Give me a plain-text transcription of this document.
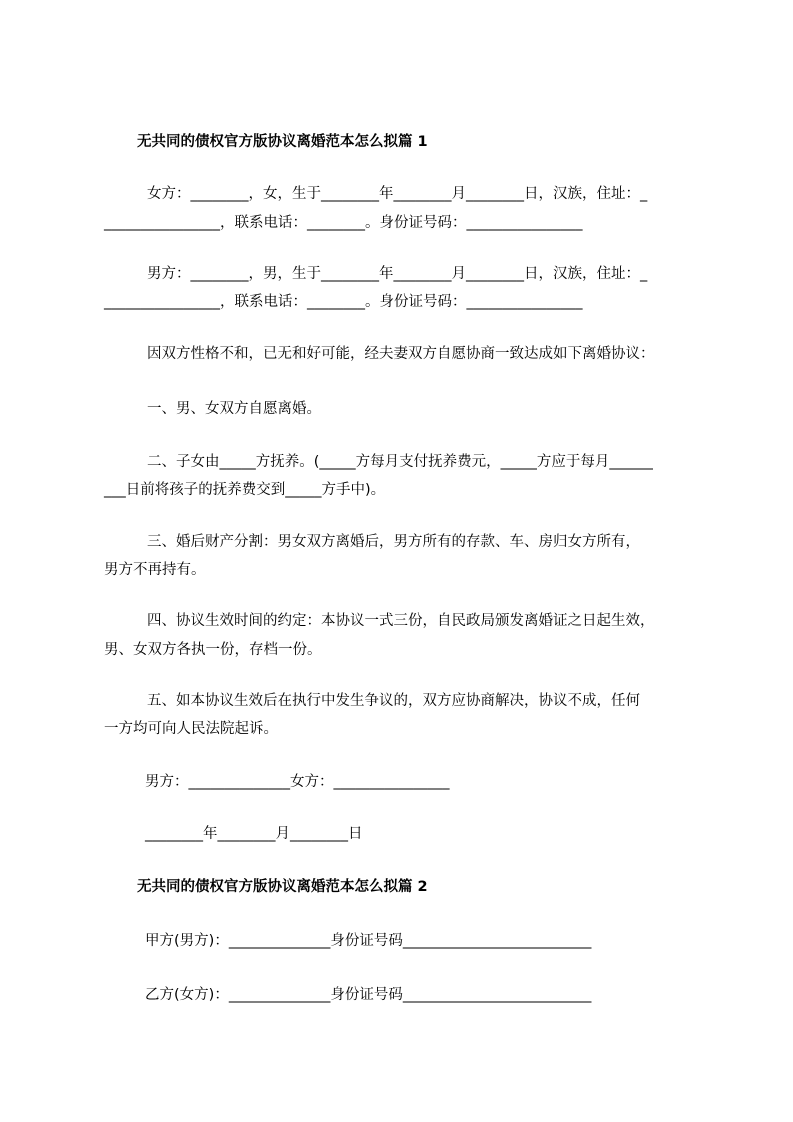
无共同的债权官方版协议离婚范本怎么拟篇 1
女方：________，女，生于________年________月________日，汉族，住址：_
________________，联系电话：________。身份证号码：________________
男方：________，男，生于________年________月________日，汉族，住址：_
________________，联系电话：________。身份证号码：________________
因双方性格不和，已无和好可能，经夫妻双方自愿协商一致达成如下离婚协议：
一、男、女双方自愿离婚。
二、子女由_____方抚养。(_____方每月支付抚养费元，_____方应于每月______
___日前将孩子的抚养费交到_____方手中)。
三、婚后财产分割：男女双方离婚后，男方所有的存款、车、房归女方所有，
男方不再持有。
四、协议生效时间的约定：本协议一式三份，自民政局颁发离婚证之日起生效，
男、女双方各执一份，存档一份。
五、如本协议生效后在执行中发生争议的，双方应协商解决，协议不成，任何
一方均可向人民法院起诉。
男方：______________女方：________________
________年________月________日
无共同的债权官方版协议离婚范本怎么拟篇 2
甲方(男方)：______________身份证号码__________________________
乙方(女方)：______________身份证号码__________________________
